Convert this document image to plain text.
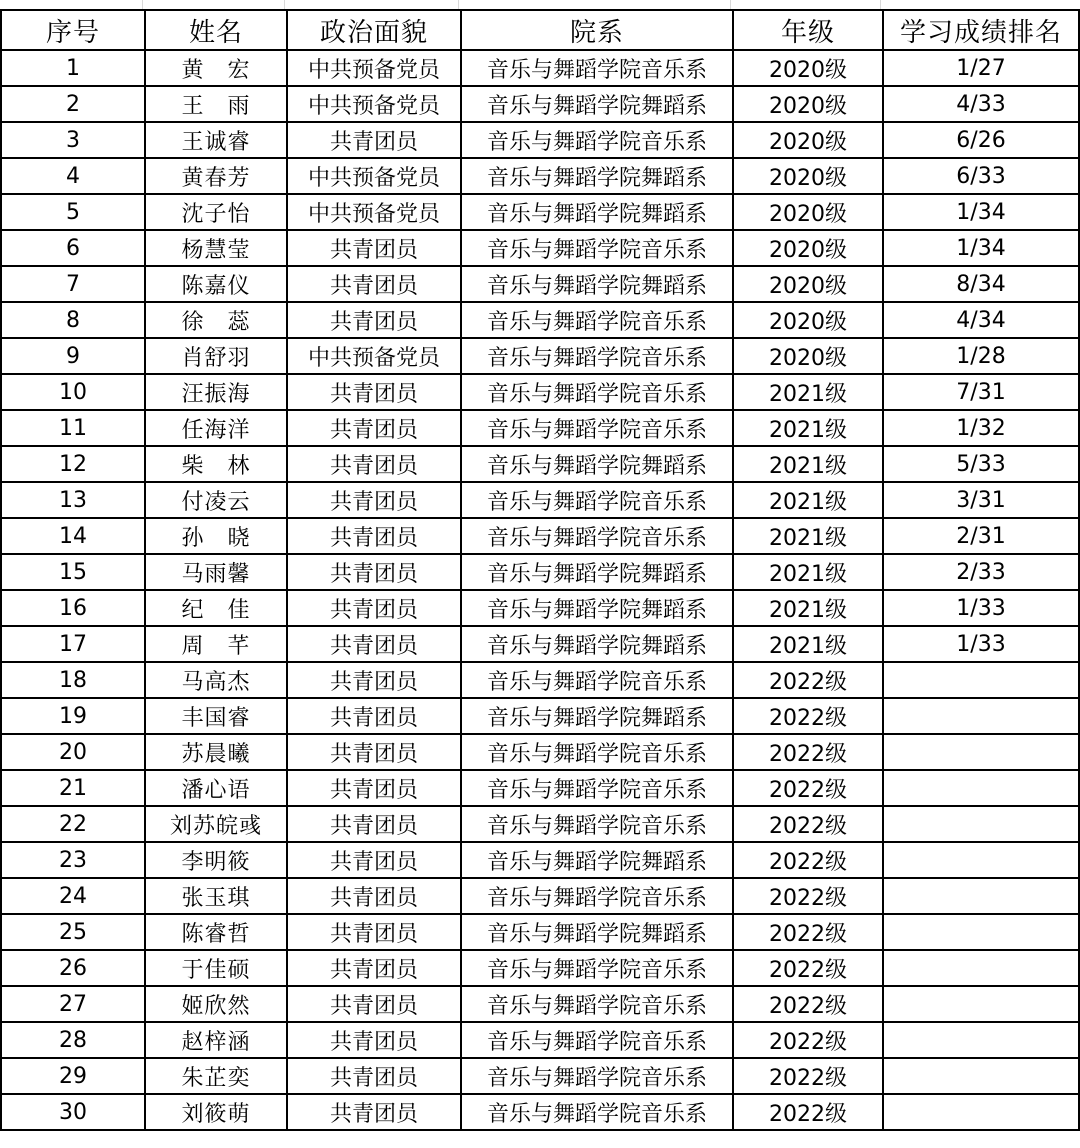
序号	姓名	政治面貌	院系	年级	学习成绩排名
1	黄　宏	中共预备党员	音乐与舞蹈学院音乐系	2020级	1/27
2	王　雨	中共预备党员	音乐与舞蹈学院舞蹈系	2020级	4/33
3	王诚睿	共青团员	音乐与舞蹈学院音乐系	2020级	6/26
4	黄春芳	中共预备党员	音乐与舞蹈学院舞蹈系	2020级	6/33
5	沈子怡	中共预备党员	音乐与舞蹈学院舞蹈系	2020级	1/34
6	杨慧莹	共青团员	音乐与舞蹈学院音乐系	2020级	1/34
7	陈嘉仪	共青团员	音乐与舞蹈学院舞蹈系	2020级	8/34
8	徐　蕊	共青团员	音乐与舞蹈学院音乐系	2020级	4/34
9	肖舒羽	中共预备党员	音乐与舞蹈学院音乐系	2020级	1/28
10	汪振海	共青团员	音乐与舞蹈学院音乐系	2021级	7/31
11	任海洋	共青团员	音乐与舞蹈学院音乐系	2021级	1/32
12	柴　林	共青团员	音乐与舞蹈学院舞蹈系	2021级	5/33
13	付凌云	共青团员	音乐与舞蹈学院音乐系	2021级	3/31
14	孙　晓	共青团员	音乐与舞蹈学院音乐系	2021级	2/31
15	马雨馨	共青团员	音乐与舞蹈学院舞蹈系	2021级	2/33
16	纪　佳	共青团员	音乐与舞蹈学院舞蹈系	2021级	1/33
17	周　芊	共青团员	音乐与舞蹈学院舞蹈系	2021级	1/33
18	马高杰	共青团员	音乐与舞蹈学院音乐系	2022级	
19	丰国睿	共青团员	音乐与舞蹈学院舞蹈系	2022级	
20	苏晨曦	共青团员	音乐与舞蹈学院音乐系	2022级	
21	潘心语	共青团员	音乐与舞蹈学院音乐系	2022级	
22	刘苏皖彧	共青团员	音乐与舞蹈学院音乐系	2022级	
23	李明筱	共青团员	音乐与舞蹈学院舞蹈系	2022级	
24	张玉琪	共青团员	音乐与舞蹈学院音乐系	2022级	
25	陈睿哲	共青团员	音乐与舞蹈学院舞蹈系	2022级	
26	于佳硕	共青团员	音乐与舞蹈学院音乐系	2022级	
27	姬欣然	共青团员	音乐与舞蹈学院音乐系	2022级	
28	赵梓涵	共青团员	音乐与舞蹈学院音乐系	2022级	
29	朱芷奕	共青团员	音乐与舞蹈学院音乐系	2022级	
30	刘筱萌	共青团员	音乐与舞蹈学院音乐系	2022级	
